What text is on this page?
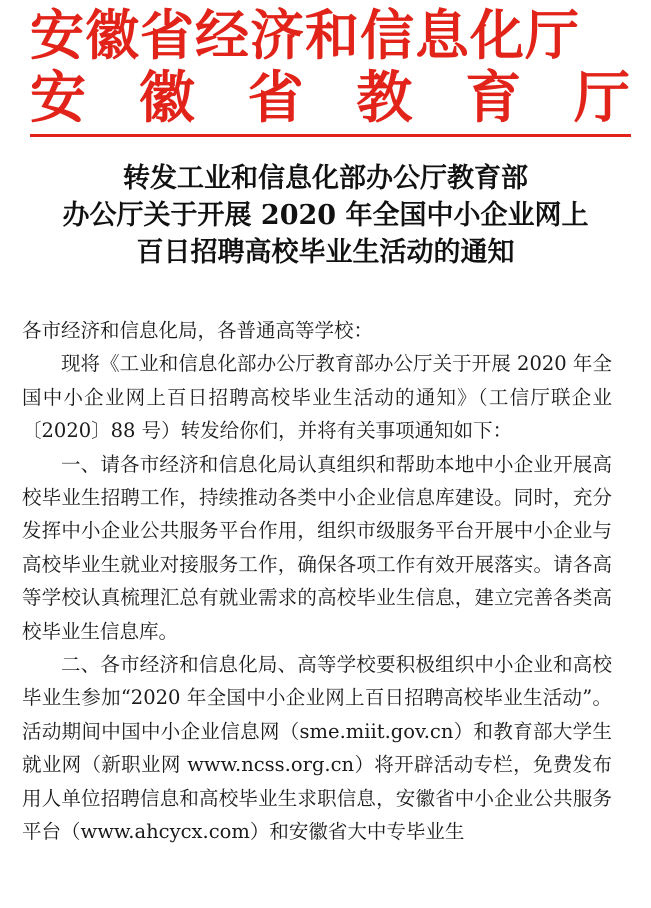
安徽省经济和信息化厅
安 徽 省 教 育 厅
转发工业和信息化部办公厅教育部
办公厅关于开展 2020 年全国中小企业网上
百日招聘高校毕业生活动的通知

各市经济和信息化局，各普通高等学校：

现将《工业和信息化部办公厅教育部办公厅关于开展 2020 年全国中小企业网上百日招聘高校毕业生活动的通知》（工信厅联企业〔2020〕88 号）转发给你们，并将有关事项通知如下：

一、请各市经济和信息化局认真组织和帮助本地中小企业开展高校毕业生招聘工作，持续推动各类中小企业信息库建设。同时，充分发挥中小企业公共服务平台作用，组织市级服务平台开展中小企业与高校毕业生就业对接服务工作，确保各项工作有效开展落实。请各高等学校认真梳理汇总有就业需求的高校毕业生信息，建立完善各类高校毕业生信息库。

二、各市经济和信息化局、高等学校要积极组织中小企业和高校毕业生参加“2020 年全国中小企业网上百日招聘高校毕业生活动”。活动期间中国中小企业信息网（sme.miit.gov.cn）和教育部大学生就业网（新职业网 www.ncss.org.cn）将开辟活动专栏，免费发布用人单位招聘信息和高校毕业生求职信息，安徽省中小企业公共服务平台（www.ahcycx.com）和安徽省大中专毕业生
